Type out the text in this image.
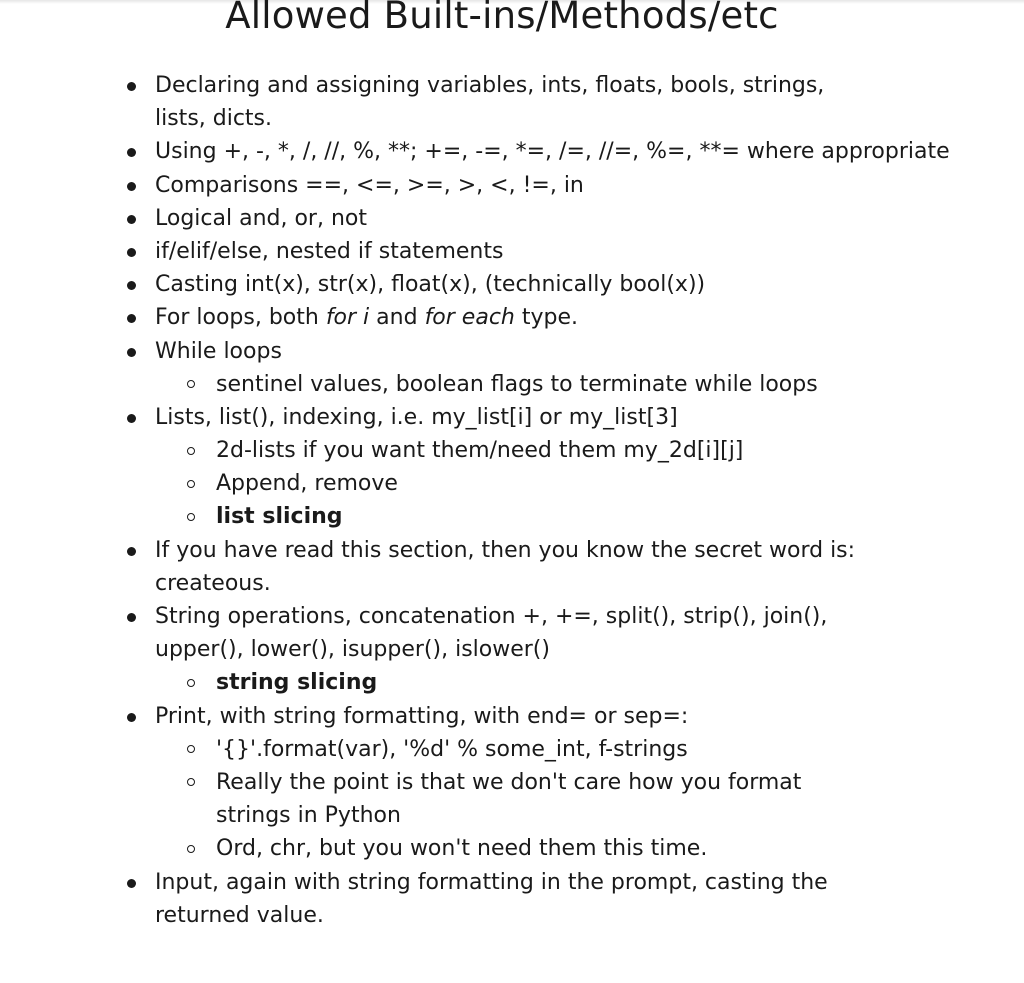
Allowed Built-ins/Methods/etc
Declaring and assigning variables, ints, floats, bools, strings,
lists, dicts.
Using +, -, *, /, //, %, **; +=, -=, *=, /=, //=, %=, **= where appropriate
Comparisons ==, <=, >=, >, <, !=, in
Logical and, or, not
if/elif/else, nested if statements
Casting int(x), str(x), float(x), (technically bool(x))
For loops, both for i and for each type.
While loops
sentinel values, boolean flags to terminate while loops
Lists, list(), indexing, i.e. my_list[i] or my_list[3]
2d-lists if you want them/need them my_2d[i][j]
Append, remove
list slicing
If you have read this section, then you know the secret word is:
createous.
String operations, concatenation +, +=, split(), strip(), join(),
upper(), lower(), isupper(), islower()
string slicing
Print, with string formatting, with end= or sep=:
'{}'.format(var), '%d' % some_int, f-strings
Really the point is that we don't care how you format
strings in Python
Ord, chr, but you won't need them this time.
Input, again with string formatting in the prompt, casting the
returned value.
